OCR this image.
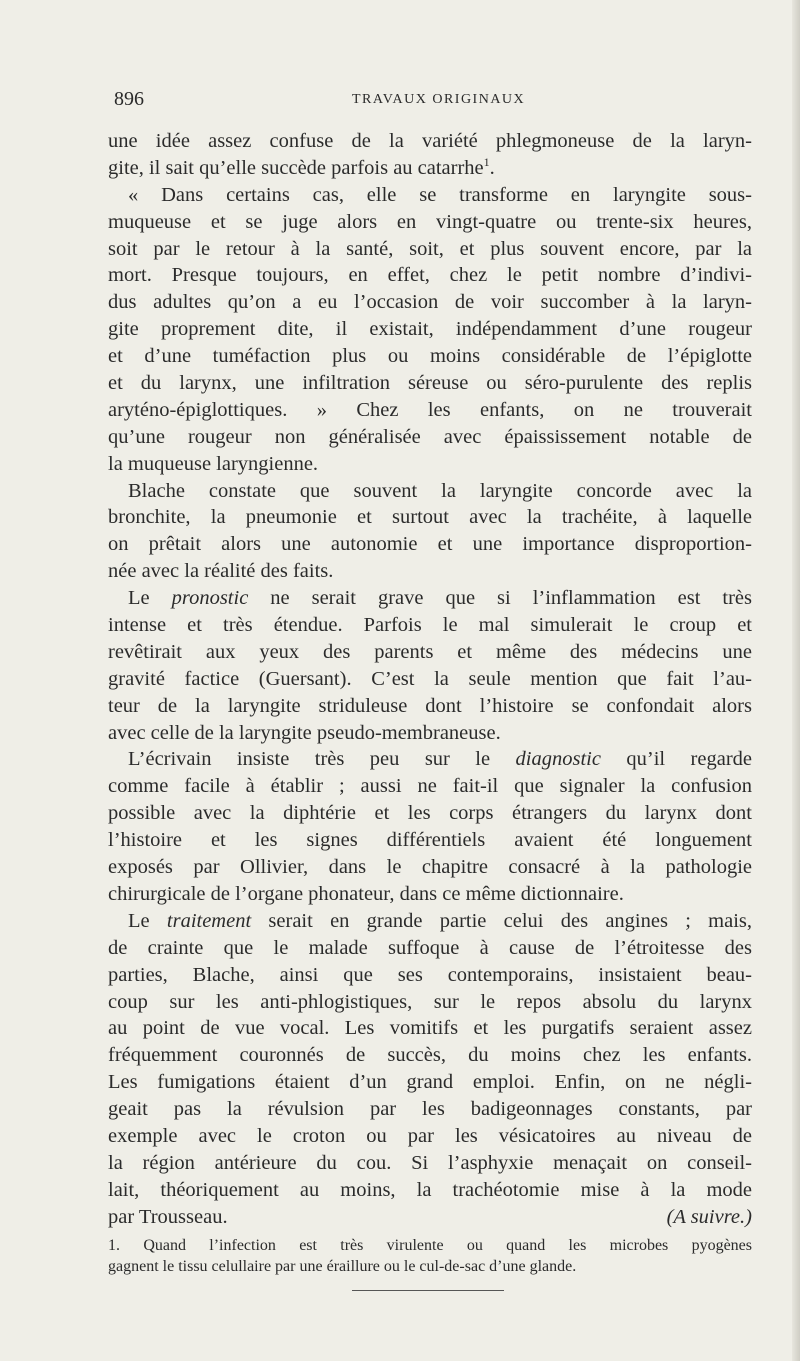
896	TRAVAUX ORIGINAUX
une idée assez confuse de la variété phlegmoneuse de la laryn-
gite, il sait qu’elle succède parfois au catarrhe$^1$.
« Dans certains cas, elle se transforme en laryngite sous-
muqueuse et se juge alors en vingt-quatre ou trente-six heures,
soit par le retour à la santé, soit, et plus souvent encore, par la
mort. Presque toujours, en effet, chez le petit nombre d’indivi-
dus adultes qu’on a eu l’occasion de voir succomber à la laryn-
gite proprement dite, il existait, indépendamment d’une rougeur
et d’une tuméfaction plus ou moins considérable de l’épiglotte
et du larynx, une infiltration séreuse ou séro-purulente des replis
aryténo-épiglottiques. » Chez les enfants, on ne trouverait
qu’une rougeur non généralisée avec épaississement notable de
la muqueuse laryngienne.
Blache constate que souvent la laryngite concorde avec la
bronchite, la pneumonie et surtout avec la trachéite, à laquelle
on prêtait alors une autonomie et une importance disproportion-
née avec la réalité des faits.
Le pronostic ne serait grave que si l’inflammation est très
intense et très étendue. Parfois le mal simulerait le croup et
revêtirait aux yeux des parents et même des médecins une
gravité factice (Guersant). C’est la seule mention que fait l’au-
teur de la laryngite striduleuse dont l’histoire se confondait alors
avec celle de la laryngite pseudo-membraneuse.
L’écrivain insiste très peu sur le diagnostic qu’il regarde
comme facile à établir ; aussi ne fait-il que signaler la confusion
possible avec la diphtérie et les corps étrangers du larynx dont
l’histoire et les signes différentiels avaient été longuement
exposés par Ollivier, dans le chapitre consacré à la pathologie
chirurgicale de l’organe phonateur, dans ce même dictionnaire.
Le traitement serait en grande partie celui des angines ; mais,
de crainte que le malade suffoque à cause de l’étroitesse des
parties, Blache, ainsi que ses contemporains, insistaient beau-
coup sur les anti-phlogistiques, sur le repos absolu du larynx
au point de vue vocal. Les vomitifs et les purgatifs seraient assez
fréquemment couronnés de succès, du moins chez les enfants.
Les fumigations étaient d’un grand emploi. Enfin, on ne négli-
geait pas la révulsion par les badigeonnages constants, par
exemple avec le croton ou par les vésicatoires au niveau de
la région antérieure du cou. Si l’asphyxie menaçait on conseil-
lait, théoriquement au moins, la trachéotomie mise à la mode
par Trousseau.	(A suivre.)
1. Quand l’infection est très virulente ou quand les microbes pyogènes
gagnent le tissu celullaire par une éraillure ou le cul-de-sac d’une glande.
